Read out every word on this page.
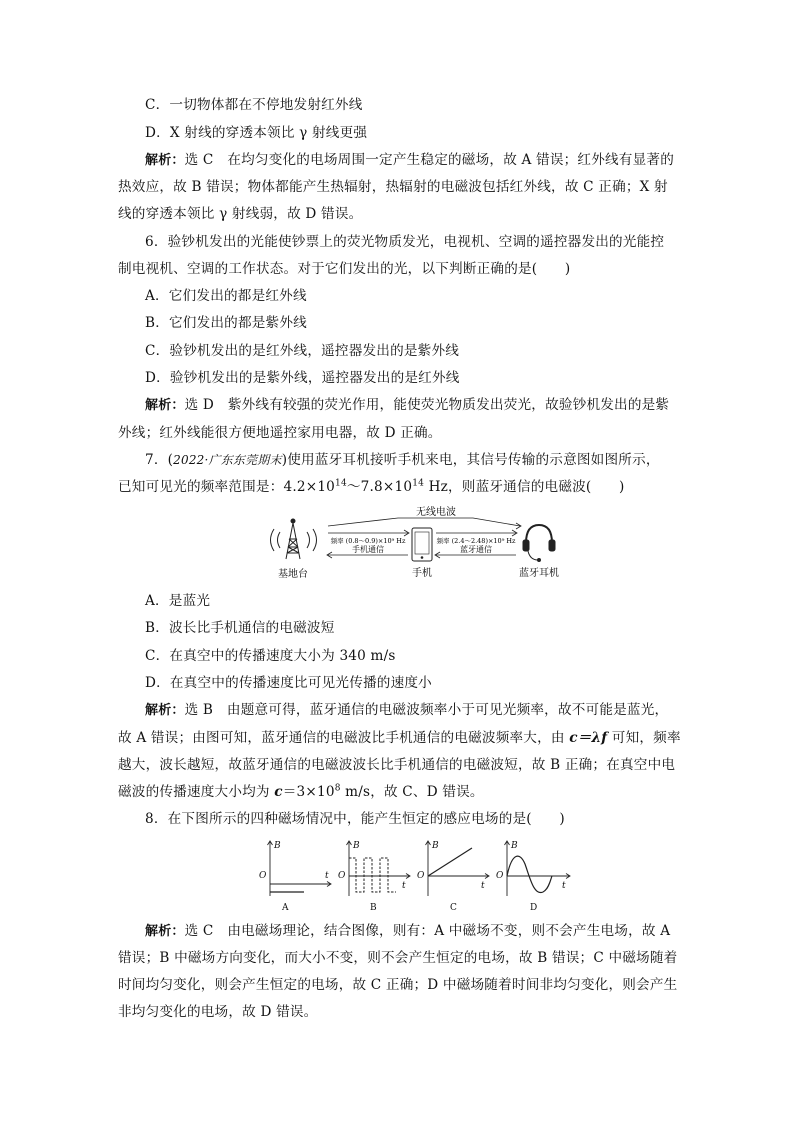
C．一切物体都在不停地发射红外线
D．X 射线的穿透本领比 γ 射线更强
解析：选 C　在均匀变化的电场周围一定产生稳定的磁场，故 A 错误；红外线有显著的
热效应，故 B 错误；物体都能产生热辐射，热辐射的电磁波包括红外线，故 C 正确；X 射
线的穿透本领比 γ 射线弱，故 D 错误。
6．验钞机发出的光能使钞票上的荧光物质发光，电视机、空调的遥控器发出的光能控
制电视机、空调的工作状态。对于它们发出的光，以下判断正确的是(　　)
A．它们发出的都是红外线
B．它们发出的都是紫外线
C．验钞机发出的是红外线，遥控器发出的是紫外线
D．验钞机发出的是紫外线，遥控器发出的是红外线
解析：选 D　紫外线有较强的荧光作用，能使荧光物质发出荧光，故验钞机发出的是紫
外线；红外线能很方便地遥控家用电器，故 D 正确。
7．(2022·广东东莞期末)使用蓝牙耳机接听手机来电，其信号传输的示意图如图所示，
已知可见光的频率范围是：$4.2\times 10^{14}\sim 7.8\times 10^{14}$ Hz，则蓝牙通信的电磁波(　　)
基地台
无线电波
频率 (0.8～0.9)×10⁹ Hz
手机通信
手机
频率 (2.4～2.48)×10⁹ Hz
蓝牙通信
蓝牙耳机
A．是蓝光
B．波长比手机通信的电磁波短
C．在真空中的传播速度大小为 340 m/s
D．在真空中的传播速度比可见光传播的速度小
解析：选 B　由题意可得，蓝牙通信的电磁波频率小于可见光频率，故不可能是蓝光，
故 A 错误；由图可知，蓝牙通信的电磁波比手机通信的电磁波频率大，由 c＝λf 可知，频率
越大，波长越短，故蓝牙通信的电磁波波长比手机通信的电磁波短，故 B 正确；在真空中电
磁波的传播速度大小均为 $c=3\times 10^8$ m/s，故 C、D 错误。
8．在下图所示的四种磁场情况中，能产生恒定的感应电场的是(　　)
B
O	t
A
B
O
t
B
B
O
t
C
B
O
t
D
解析：选 C　由电磁场理论，结合图像，则有：A 中磁场不变，则不会产生电场，故 A
错误；B 中磁场方向变化，而大小不变，则不会产生恒定的电场，故 B 错误；C 中磁场随着
时间均匀变化，则会产生恒定的电场，故 C 正确；D 中磁场随着时间非均匀变化，则会产生
非均匀变化的电场，故 D 错误。
